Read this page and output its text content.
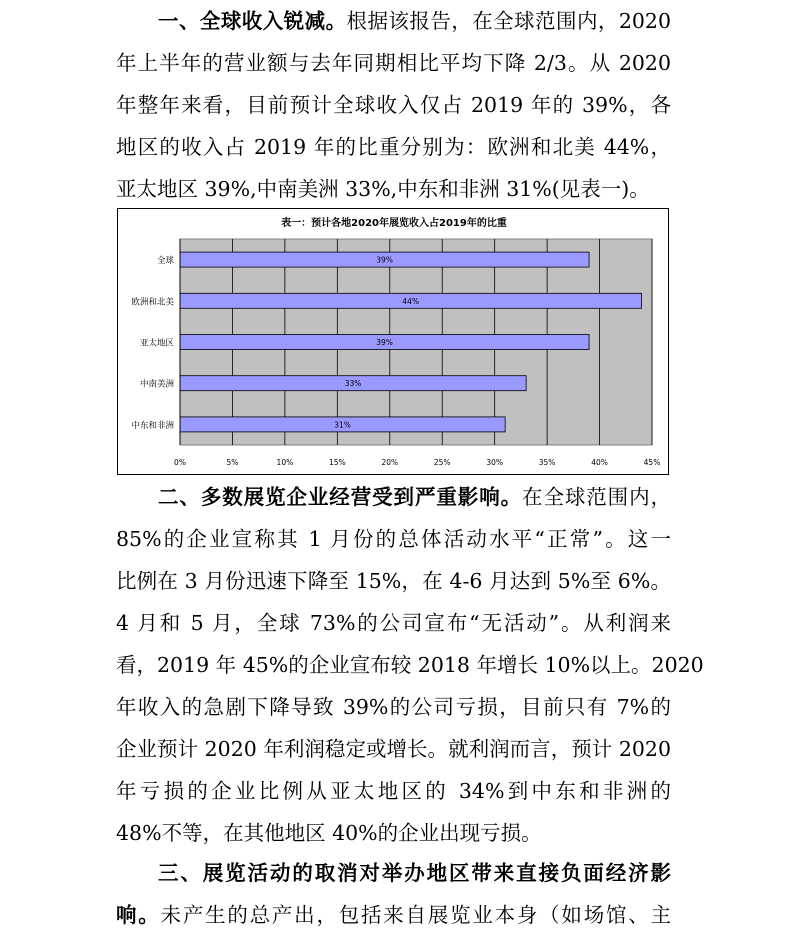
一、全球收入锐减。根据该报告，在全球范围内，2020
年上半年的营业额与去年同期相比平均下降 2/3。从 2020
年整年来看，目前预计全球收入仅占 2019 年的 39%，各
地区的收入占 2019 年的比重分别为：欧洲和北美 44%，
亚太地区 39%,中南美洲 33%,中东和非洲 31%(见表一)。
表一：预计各地2020年展览收入占2019年的比重
0%	5%	10%	15%	20%	25%	30%	35%	40%	45%
全球	39%
欧洲和北美	44%
亚太地区	39%
中南美洲	33%
中东和非洲	31%
二、多数展览企业经营受到严重影响。在全球范围内，
85%的企业宣称其 1 月份的总体活动水平“正常”。这一
比例在 3 月份迅速下降至 15%，在 4-6 月达到 5%至 6%。
4 月和 5 月，全球 73%的公司宣布“无活动”。从利润来
看，2019 年 45%的企业宣布较 2018 年增长 10%以上。2020
年收入的急剧下降导致 39%的公司亏损，目前只有 7%的
企业预计 2020 年利润稳定或增长。就利润而言，预计 2020
年亏损的企业比例从亚太地区的 34%到中东和非洲的
48%不等，在其他地区 40%的企业出现亏损。
三、展览活动的取消对举办地区带来直接负面经济影
响。未产生的总产出，包括来自展览业本身（如场馆、主
